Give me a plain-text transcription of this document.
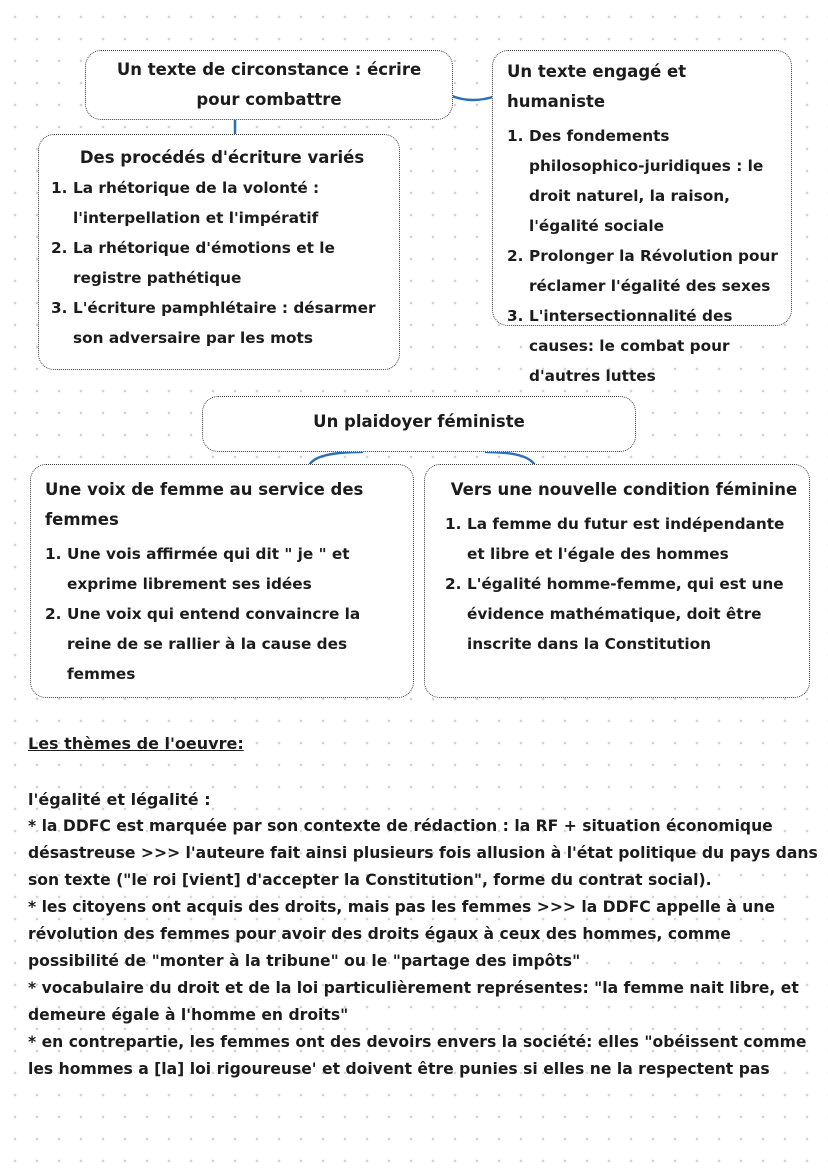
Un texte de circonstance : écrire
pour combattre
Des procédés d'écriture variés
1. La rhétorique de la volonté : l'interpellation et l'impératif
2. La rhétorique d'émotions et le registre pathétique
3. L'écriture pamphlétaire : désarmer son adversaire par les mots
Un texte engagé et humaniste
1. Des fondements philosophico-juridiques : le droit naturel, la raison, l'égalité sociale
2. Prolonger la Révolution pour réclamer l'égalité des sexes
3. L'intersectionnalité des causes: le combat pour d'autres luttes
Un plaidoyer féministe
Une voix de femme au service des femmes
1. Une vois affirmée qui dit " je " et exprime librement ses idées
2. Une voix qui entend convaincre la reine de se rallier à la cause des femmes
Vers une nouvelle condition féminine
1. La femme du futur est indépendante et libre et l'égale des hommes
2. L'égalité homme-femme, qui est une évidence mathématique, doit être inscrite dans la Constitution
Les thèmes de l'oeuvre:
l'égalité et légalité :
* la DDFC est marquée par son contexte de rédaction : la RF + situation économique désastreuse >>> l'auteure fait ainsi plusieurs fois allusion à l'état politique du pays dans son texte ("le roi [vient] d'accepter la Constitution", forme du contrat social).
* les citoyens ont acquis des droits, mais pas les femmes >>> la DDFC appelle à une révolution des femmes pour avoir des droits égaux à ceux des hommes, comme possibilité de "monter à la tribune" ou le "partage des impôts"
* vocabulaire du droit et de la loi particulièrement représentes: "la femme nait libre, et demeure égale à l'homme en droits"
* en contrepartie, les femmes ont des devoirs envers la société: elles "obéissent comme les hommes a [la] loi rigoureuse' et doivent être punies si elles ne la respectent pas
